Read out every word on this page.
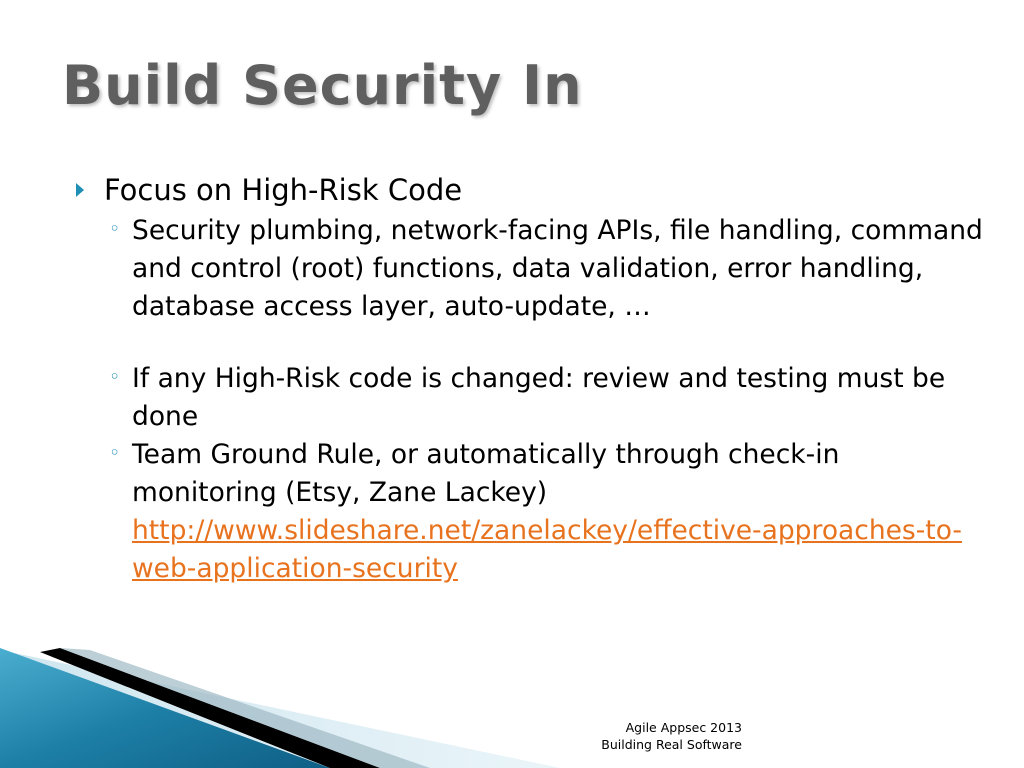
Build Security In
Focus on High-Risk Code
◦ Security plumbing, network-facing APIs, file handling, command and control (root) functions, data validation, error handling, database access layer, auto-update, …

◦ If any High-Risk code is changed: review and testing must be done

◦ Team Ground Rule, or automatically through check-in monitoring (Etsy, Zane Lackey)

http://www.slideshare.net/zanelackey/effective-approaches-to-web-application-security
Agile Appsec 2013
Building Real Software
